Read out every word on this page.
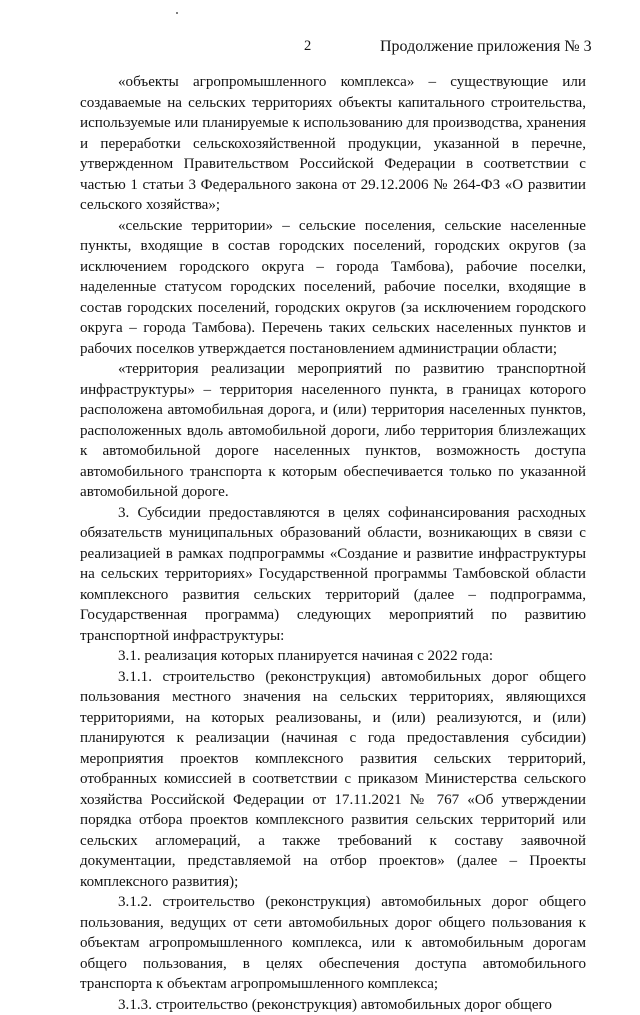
2	Продолжение приложения № 3

«объекты агропромышленного комплекса» – существующие или создаваемые на сельских территориях объекты капитального строительства, используемые или планируемые к использованию для производства, хранения и переработки сельскохозяйственной продукции, указанной в перечне, утвержденном Правительством Российской Федерации в соответствии с частью 1 статьи 3 Федерального закона от 29.12.2006 № 264-ФЗ «О развитии сельского хозяйства»;

«сельские территории» – сельские поселения, сельские населенные пункты, входящие в состав городских поселений, городских округов (за исключением городского округа – города Тамбова), рабочие поселки, наделенные статусом городских поселений, рабочие поселки, входящие в состав городских поселений, городских округов (за исключением городского округа – города Тамбова). Перечень таких сельских населенных пунктов и рабочих поселков утверждается постановлением администрации области;

«территория реализации мероприятий по развитию транспортной инфраструктуры» – территория населенного пункта, в границах которого расположена автомобильная дорога, и (или) территория населенных пунктов, расположенных вдоль автомобильной дороги, либо территория близлежащих к автомобильной дороге населенных пунктов, возможность доступа автомобильного транспорта к которым обеспечивается только по указанной автомобильной дороге.

3. Субсидии предоставляются в целях софинансирования расходных обязательств муниципальных образований области, возникающих в связи с реализацией в рамках подпрограммы «Создание и развитие инфраструктуры на сельских территориях» Государственной программы Тамбовской области комплексного развития сельских территорий (далее – подпрограмма, Государственная программа) следующих мероприятий по развитию транспортной инфраструктуры:

3.1. реализация которых планируется начиная с 2022 года:

3.1.1. строительство (реконструкция) автомобильных дорог общего пользования местного значения на сельских территориях, являющихся территориями, на которых реализованы, и (или) реализуются, и (или) планируются к реализации (начиная с года предоставления субсидии) мероприятия проектов комплексного развития сельских территорий, отобранных комиссией в соответствии с приказом Министерства сельского хозяйства Российской Федерации от 17.11.2021 № 767 «Об утверждении порядка отбора проектов комплексного развития сельских территорий или сельских агломераций, а также требований к составу заявочной документации, представляемой на отбор проектов» (далее – Проекты комплексного развития);

3.1.2. строительство (реконструкция) автомобильных дорог общего пользования, ведущих от сети автомобильных дорог общего пользования к объектам агропромышленного комплекса, или к автомобильным дорогам общего пользования, в целях обеспечения доступа автомобильного транспорта к объектам агропромышленного комплекса;

3.1.3. строительство (реконструкция) автомобильных дорог общего
